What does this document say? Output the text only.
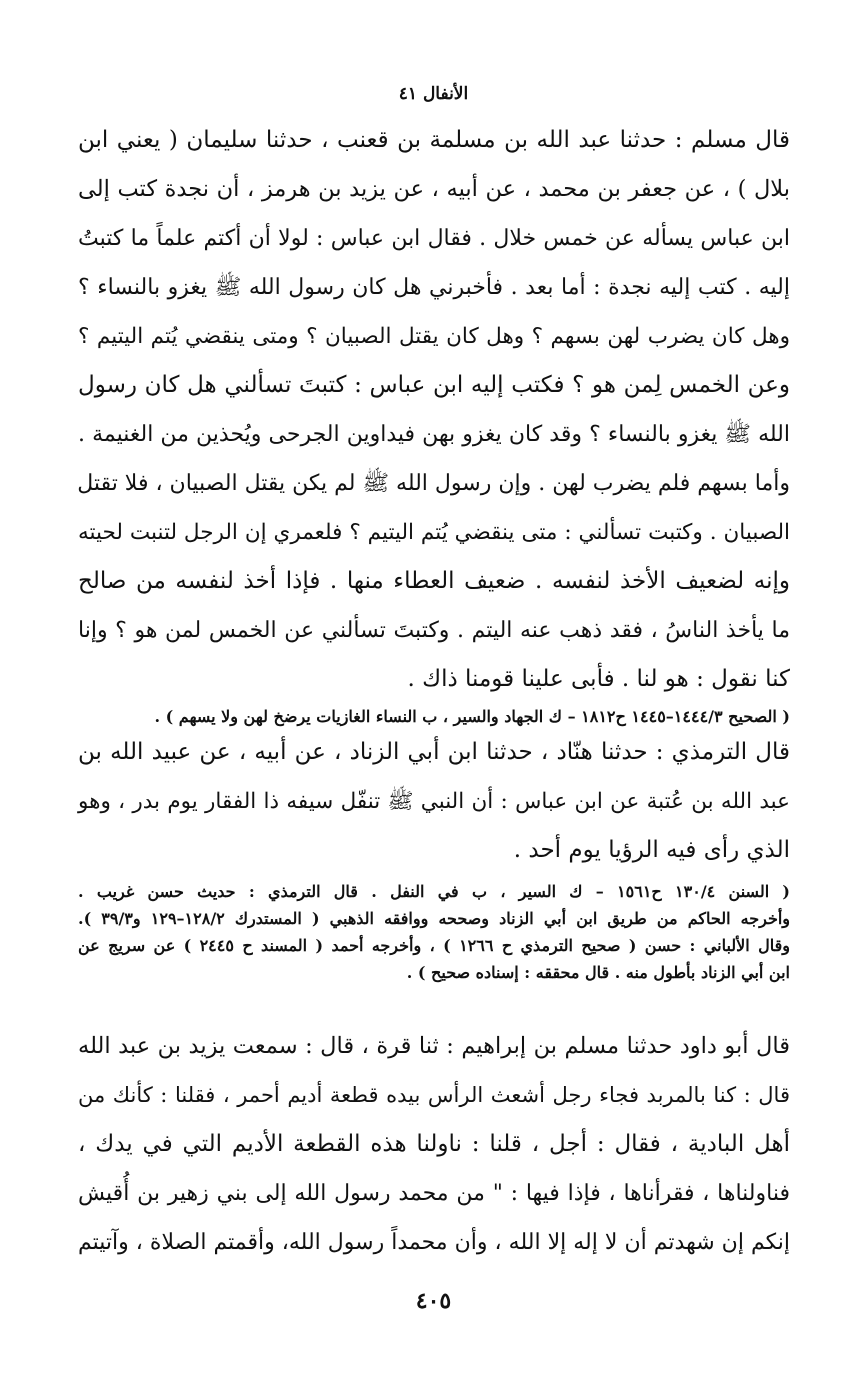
الأنفال ٤١

قال مسلم : حدثنا عبد الله بن مسلمة بن قعنب ، حدثنا سليمان ( يعني ابن

بلال ) ، عن جعفر بن محمد ، عن أبيه ، عن يزيد بن هرمز ، أن نجدة كتب إلى

ابن عباس يسأله عن خمس خلال . فقال ابن عباس : لولا أن أكتم علماً ما كتبتُ

إليه . كتب إليه نجدة : أما بعد . فأخبرني هل كان رسول الله ﷺ يغزو بالنساء ؟

وهل كان يضرب لهن بسهم ؟ وهل كان يقتل الصبيان ؟ ومتى ينقضي يُتم اليتيم ؟

وعن الخمس لِمن هو ؟ فكتب إليه ابن عباس : كتبتَ تسألني هل كان رسول

الله ﷺ يغزو بالنساء ؟ وقد كان يغزو بهن فيداوين الجرحى ويُحذين من الغنيمة .

وأما بسهم فلم يضرب لهن . وإن رسول الله ﷺ لم يكن يقتل الصبيان ، فلا تقتل

الصبيان . وكتبت تسألني : متى ينقضي يُتم اليتيم ؟ فلعمري إن الرجل لتنبت لحيته

وإنه لضعيف الأخذ لنفسه . ضعيف العطاء منها . فإذا أخذ لنفسه من صالح

ما يأخذ الناسُ ، فقد ذهب عنه اليتم . وكتبتَ تسألني عن الخمس لمن هو ؟ وإنا

كنا نقول : هو لنا . فأبى علينا قومنا ذاك .

( الصحيح ١٤٤٤/٣–١٤٤٥ ح١٨١٢ – ك الجهاد والسير ، ب النساء الغازيات يرضخ لهن ولا يسهم ) .

قال الترمذي : حدثنا هنّاد ، حدثنا ابن أبي الزناد ، عن أبيه ، عن عبيد الله بن

عبد الله بن عُتبة عن ابن عباس : أن النبي ﷺ تنفّل سيفه ذا الفقار يوم بدر ، وهو

الذي رأى فيه الرؤيا يوم أحد .

( السنن ١٣٠/٤ ح١٥٦١ – ك السير ، ب في النفل . قال الترمذي : حديث حسن غريب .

وأخرجه الحاكم من طريق ابن أبي الزناد وصححه ووافقه الذهبي ( المستدرك ١٢٨/٢–١٢٩ و٣٩/٣ ).

وقال الألباني : حسن ( صحيح الترمذي ح ١٢٦٦ ) ، وأخرجه أحمد ( المسند ح ٢٤٤٥ ) عن سريج عن

ابن أبي الزناد بأطول منه . قال محققه : إسناده صحيح ) .

قال أبو داود حدثنا مسلم بن إبراهيم : ثنا قرة ، قال : سمعت يزيد بن عبد الله

قال : كنا بالمربد فجاء رجل أشعث الرأس بيده قطعة أديم أحمر ، فقلنا : كأنك من

أهل البادية ، فقال : أجل ، قلنا : ناولنا هذه القطعة الأديم التي في يدك ،

فناولناها ، فقرأناها ، فإذا فيها : " من محمد رسول الله إلى بني زهير بن أُقيش

إنكم إن شهدتم أن لا إله إلا الله ، وأن محمداً رسول الله، وأقمتم الصلاة ، وآتيتم

٤٠٥
